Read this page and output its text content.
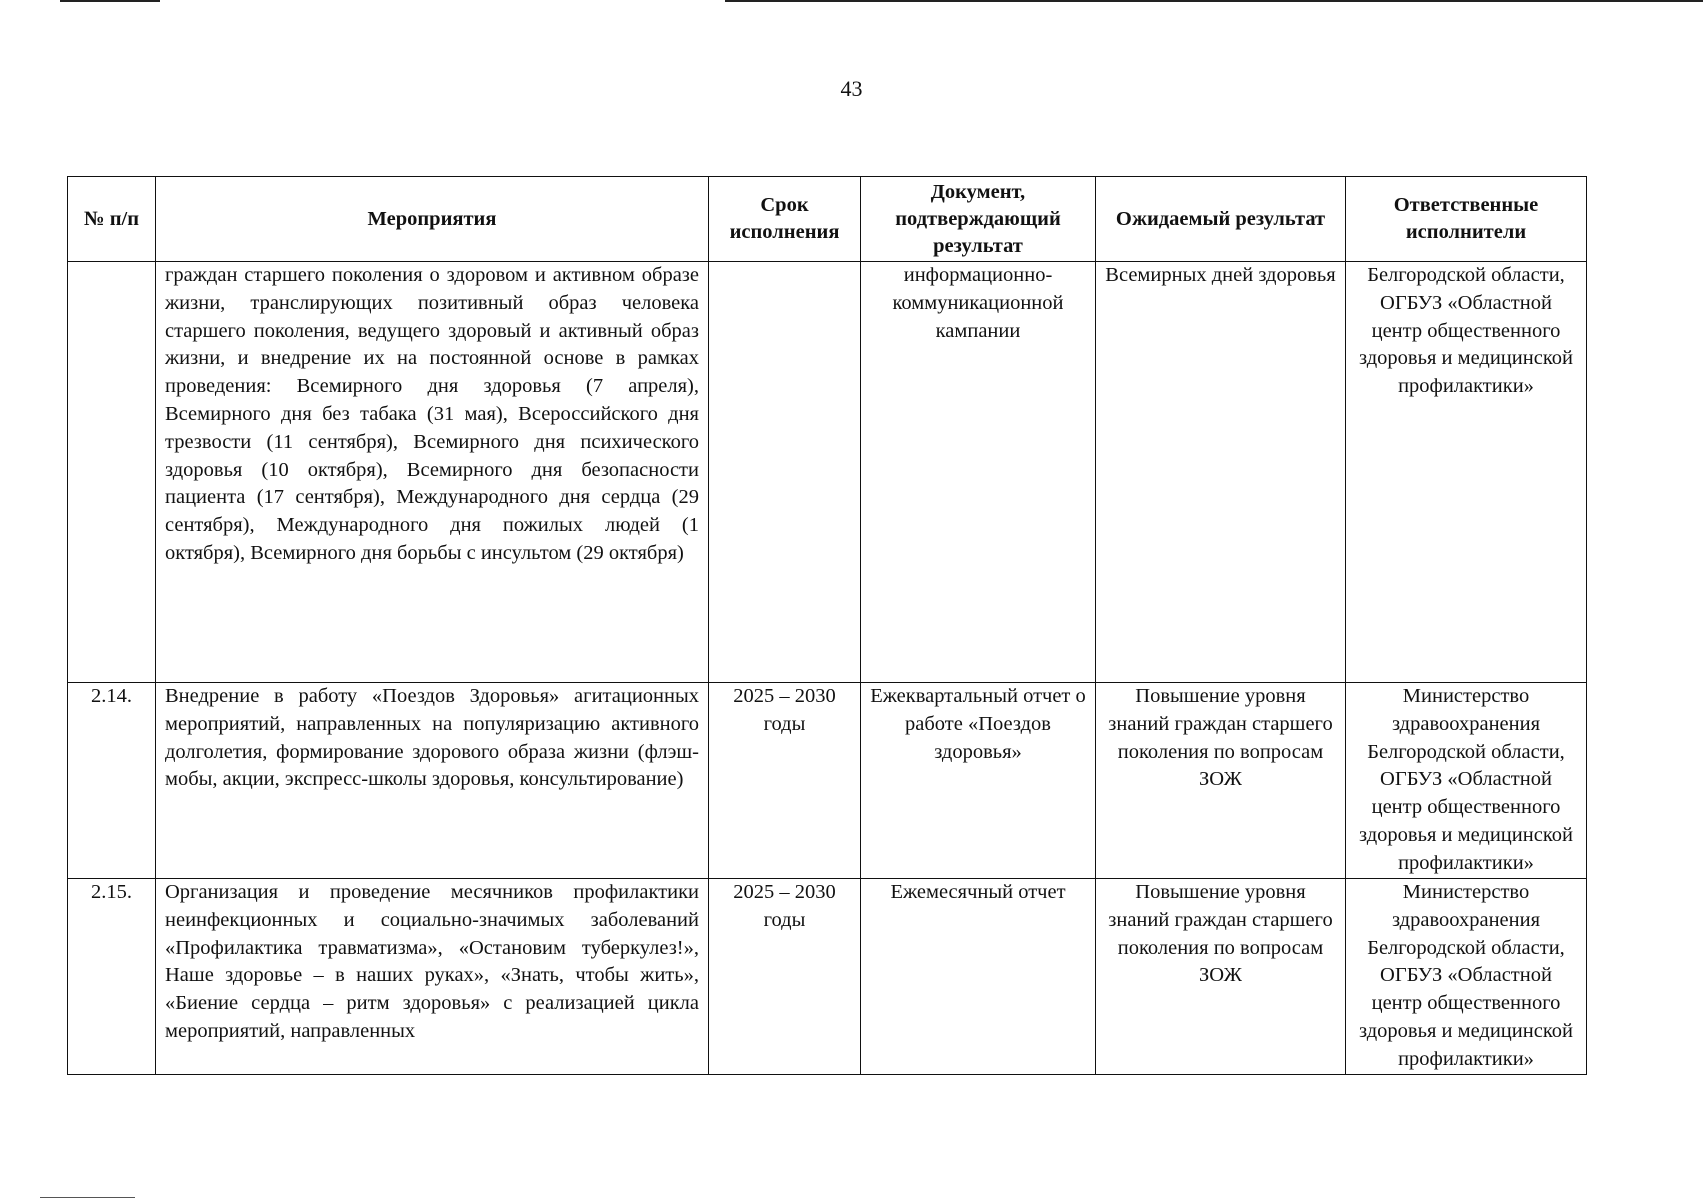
43
№ п/п	Мероприятия	Срок исполнения	Документ, подтверждающий результат	Ожидаемый результат	Ответственные исполнители
	граждан старшего поколения о здоровом и активном образе жизни, транслирующих позитивный образ человека старшего поколения, ведущего здоровый и активный образ жизни, и внедрение их на постоянной основе в рамках проведения: Всемирного дня здоровья (7 апреля), Всемирного дня без табака (31 мая), Всероссийского дня трезвости (11 сентября), Всемирного дня психического здоровья (10 октября), Всемирного дня безопасности пациента (17 сентября), Международного дня сердца (29 сентября), Международного дня пожилых людей (1 октября), Всемирного дня борьбы с инсультом (29 октября)		информационно-коммуникационной кампании	Всемирных дней здоровья	Белгородской области, ОГБУЗ «Областной центр общественного здоровья и медицинской профилактики»
2.14.	Внедрение в работу «Поездов Здоровья» агитационных мероприятий, направленных на популяризацию активного долголетия, формирование здорового образа жизни (флэш-мобы, акции, экспресс-школы здоровья, консультирование)	2025 – 2030 годы	Ежеквартальный отчет о работе «Поездов здоровья»	Повышение уровня знаний граждан старшего поколения по вопросам ЗОЖ	Министерство здравоохранения Белгородской области, ОГБУЗ «Областной центр общественного здоровья и медицинской профилактики»
2.15.	Организация и проведение месячников профилактики неинфекционных и социально-значимых заболеваний «Профилактика травматизма», «Остановим туберкулез!», Наше здоровье – в наших руках», «Знать, чтобы жить», «Биение сердца – ритм здоровья» с реализацией цикла мероприятий, направленных	2025 – 2030 годы	Ежемесячный отчет	Повышение уровня знаний граждан старшего поколения по вопросам ЗОЖ	Министерство здравоохранения Белгородской области, ОГБУЗ «Областной центр общественного здоровья и медицинской профилактики»
